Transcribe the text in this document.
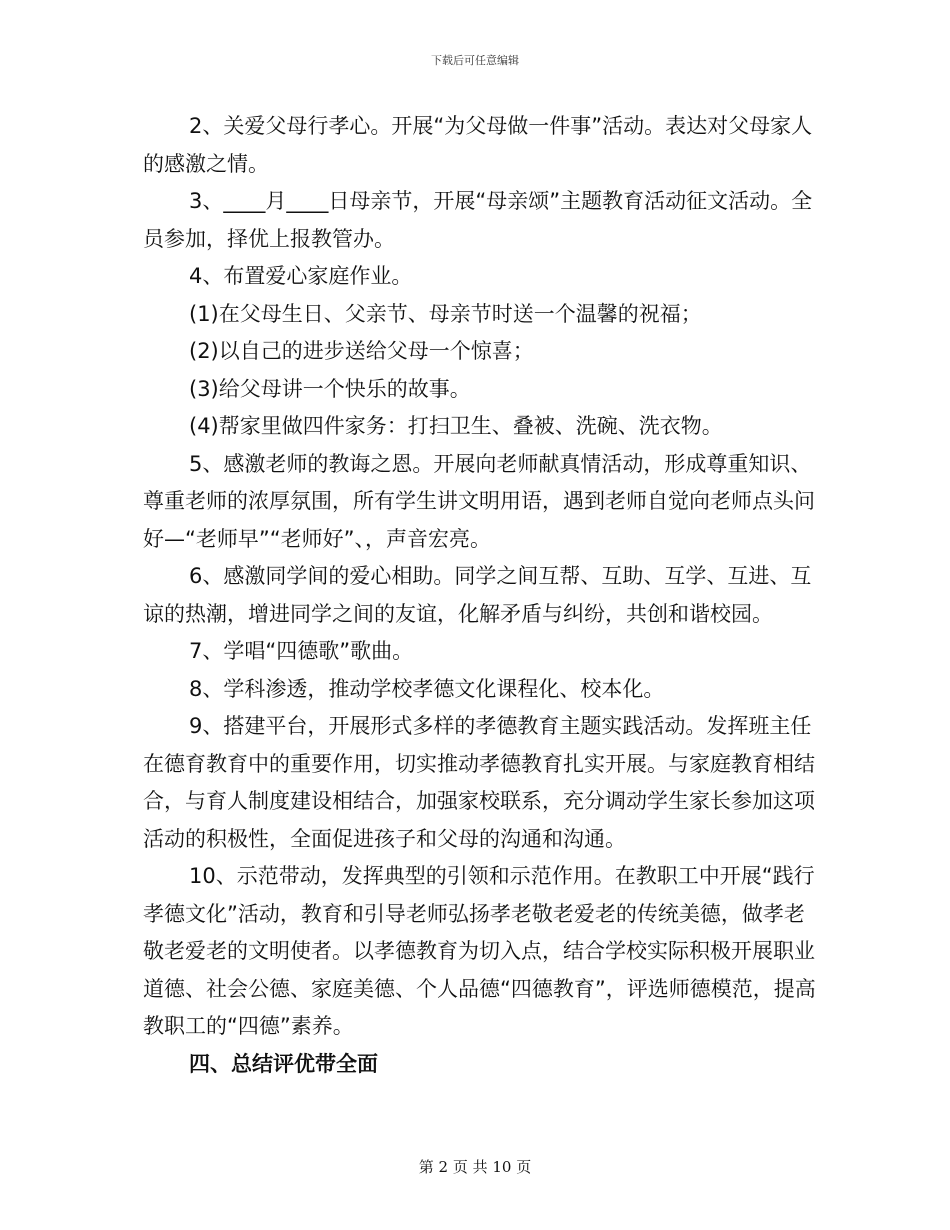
下载后可任意编辑

2、关爱父母行孝心。开展“为父母做一件事”活动。表达对父母家人的感激之情。

3、____月____日母亲节，开展“母亲颂”主题教育活动征文活动。全员参加，择优上报教管办。

4、布置爱心家庭作业。

(1)在父母生日、父亲节、母亲节时送一个温馨的祝福；

(2)以自己的进步送给父母一个惊喜；

(3)给父母讲一个快乐的故事。

(4)帮家里做四件家务：打扫卫生、叠被、洗碗、洗衣物。

5、感激老师的教诲之恩。开展向老师献真情活动，形成尊重知识、尊重老师的浓厚氛围，所有学生讲文明用语，遇到老师自觉向老师点头问好—“老师早”“老师好”、，声音宏亮。

6、感激同学间的爱心相助。同学之间互帮、互助、互学、互进、互谅的热潮，增进同学之间的友谊，化解矛盾与纠纷，共创和谐校园。

7、学唱“四德歌”歌曲。

8、学科渗透，推动学校孝德文化课程化、校本化。

9、搭建平台，开展形式多样的孝德教育主题实践活动。发挥班主任在德育教育中的重要作用，切实推动孝德教育扎实开展。与家庭教育相结合，与育人制度建设相结合，加强家校联系，充分调动学生家长参加这项活动的积极性，全面促进孩子和父母的沟通和沟通。

10、示范带动，发挥典型的引领和示范作用。在教职工中开展“践行孝德文化”活动，教育和引导老师弘扬孝老敬老爱老的传统美德，做孝老敬老爱老的文明使者。以孝德教育为切入点，结合学校实际积极开展职业道德、社会公德、家庭美德、个人品德“四德教育”，评选师德模范，提高教职工的“四德”素养。

四、总结评优带全面

第 2 页 共 10 页
